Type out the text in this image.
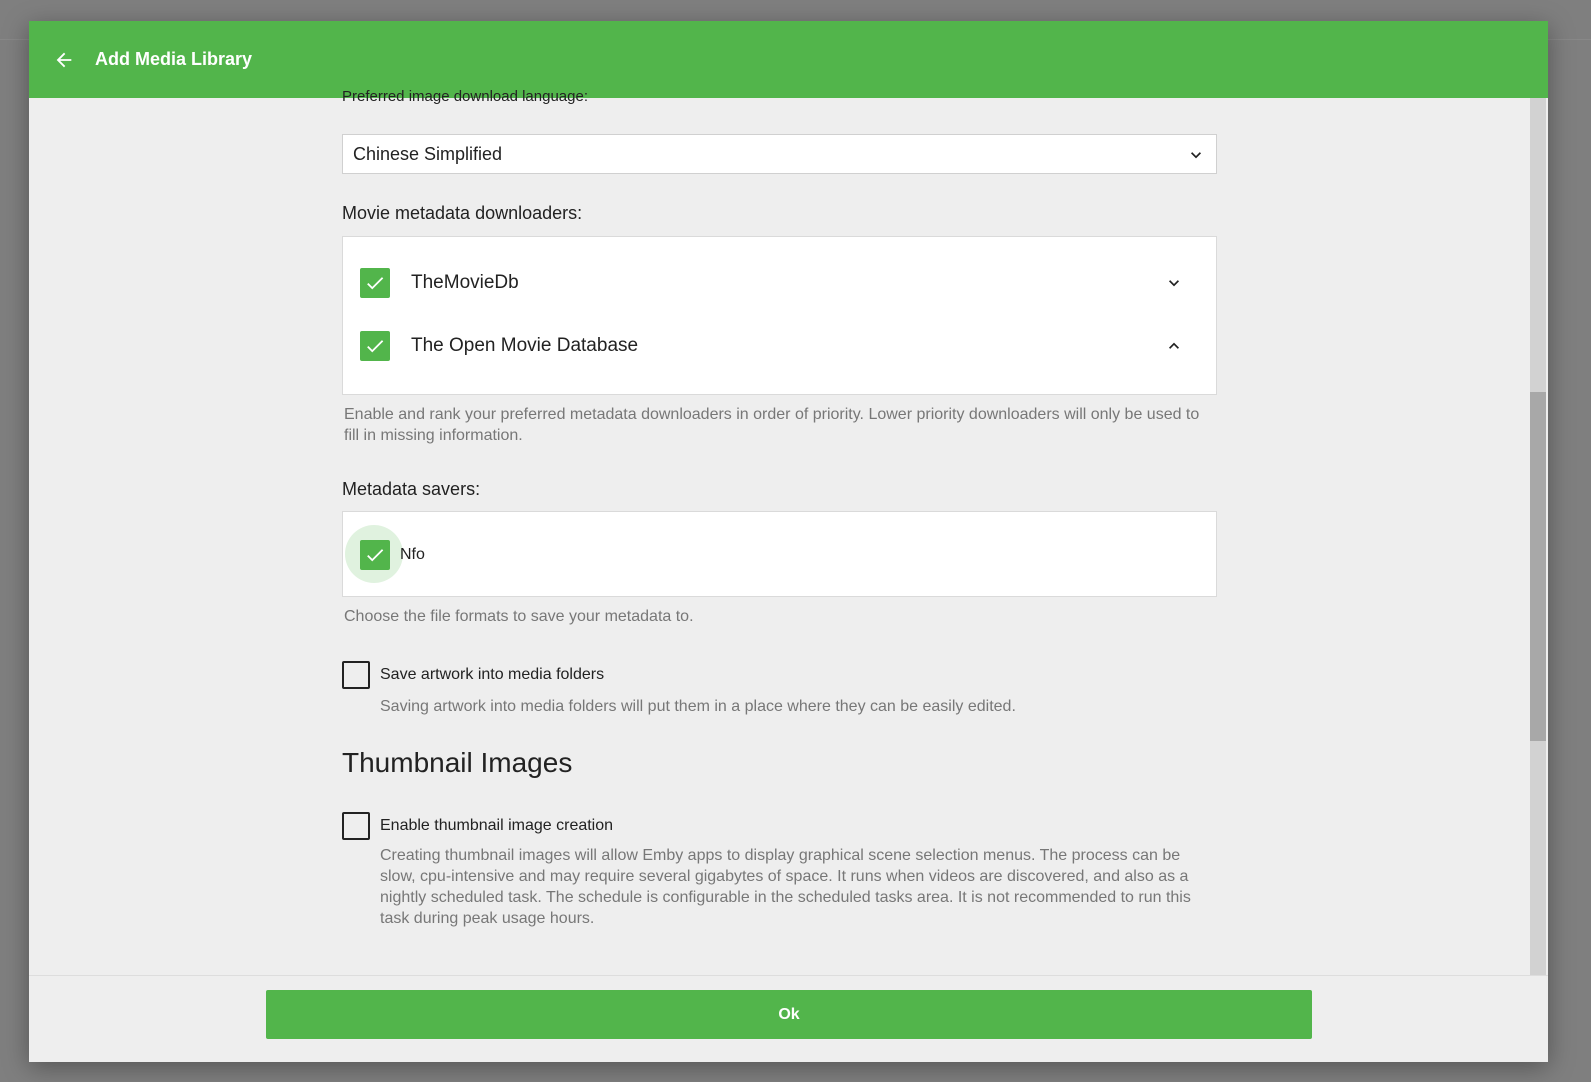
Add Media Library
Preferred image download language:
Chinese Simplified
Movie metadata downloaders:
TheMovieDb
The Open Movie Database
Enable and rank your preferred metadata downloaders in order of priority. Lower priority downloaders will only be used to fill in missing information.
Metadata savers:
Nfo
Choose the file formats to save your metadata to.
Save artwork into media folders
Saving artwork into media folders will put them in a place where they can be easily edited.
Thumbnail Images
Enable thumbnail image creation
Creating thumbnail images will allow Emby apps to display graphical scene selection menus. The process can be slow, cpu-intensive and may require several gigabytes of space. It runs when videos are discovered, and also as a nightly scheduled task. The schedule is configurable in the scheduled tasks area. It is not recommended to run this task during peak usage hours.
Ok
